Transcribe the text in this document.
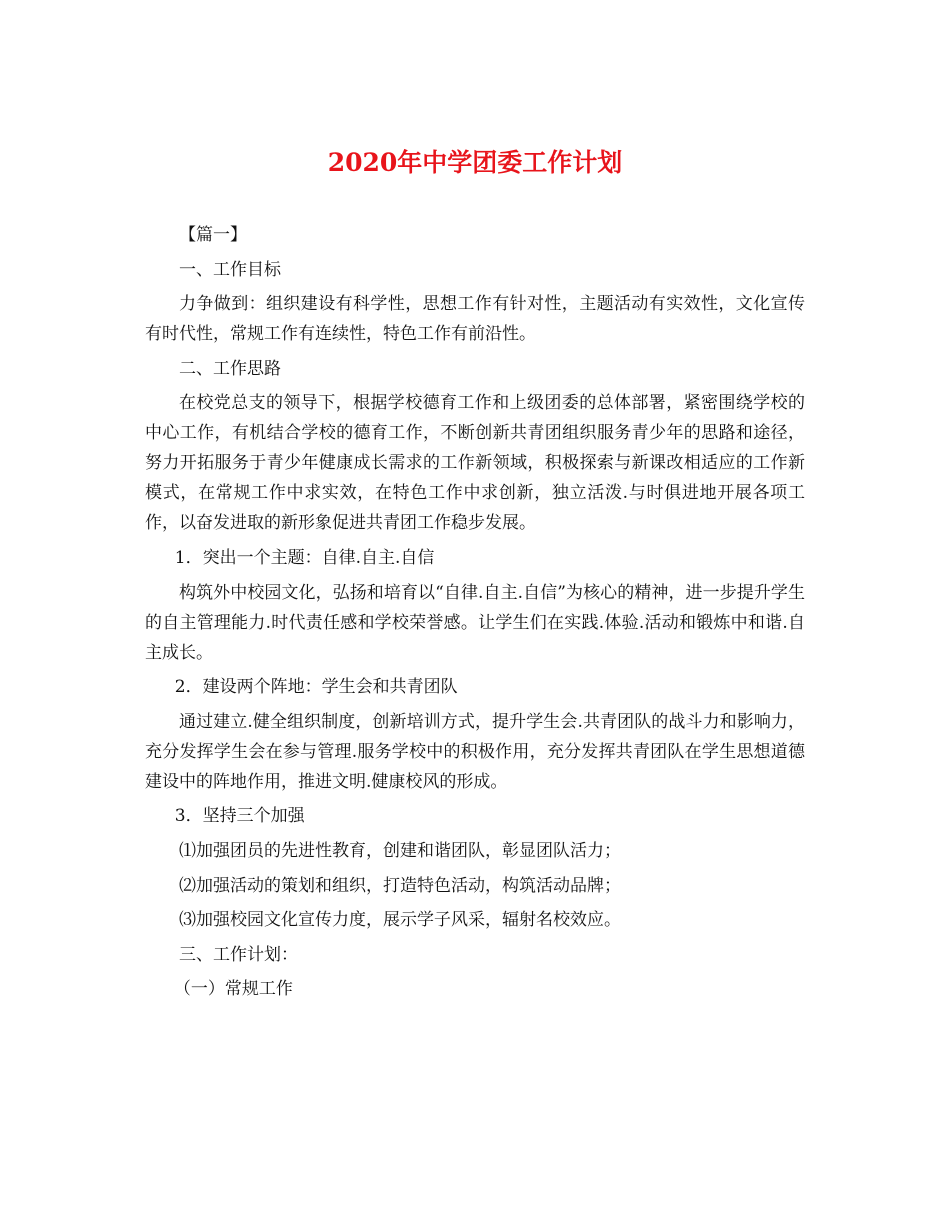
2020年中学团委工作计划

【篇一】

一、工作目标

力争做到：组织建设有科学性，思想工作有针对性，主题活动有实效性，文化宣传有时代性，常规工作有连续性，特色工作有前沿性。

二、工作思路

在校党总支的领导下，根据学校德育工作和上级团委的总体部署，紧密围绕学校的中心工作，有机结合学校的德育工作，不断创新共青团组织服务青少年的思路和途径，努力开拓服务于青少年健康成长需求的工作新领域，积极探索与新课改相适应的工作新模式，在常规工作中求实效，在特色工作中求创新，独立活泼.与时俱进地开展各项工作，以奋发进取的新形象促进共青团工作稳步发展。

1．突出一个主题：自律.自主.自信

构筑外中校园文化，弘扬和培育以“自律.自主.自信”为核心的精神，进一步提升学生的自主管理能力.时代责任感和学校荣誉感。让学生们在实践.体验.活动和锻炼中和谐.自主成长。

2．建设两个阵地：学生会和共青团队

通过建立.健全组织制度，创新培训方式，提升学生会.共青团队的战斗力和影响力，充分发挥学生会在参与管理.服务学校中的积极作用，充分发挥共青团队在学生思想道德建设中的阵地作用，推进文明.健康校风的形成。

3．坚持三个加强

⑴加强团员的先进性教育，创建和谐团队，彰显团队活力；

⑵加强活动的策划和组织，打造特色活动，构筑活动品牌；

⑶加强校园文化宣传力度，展示学子风采，辐射名校效应。

三、工作计划：

（一）常规工作
